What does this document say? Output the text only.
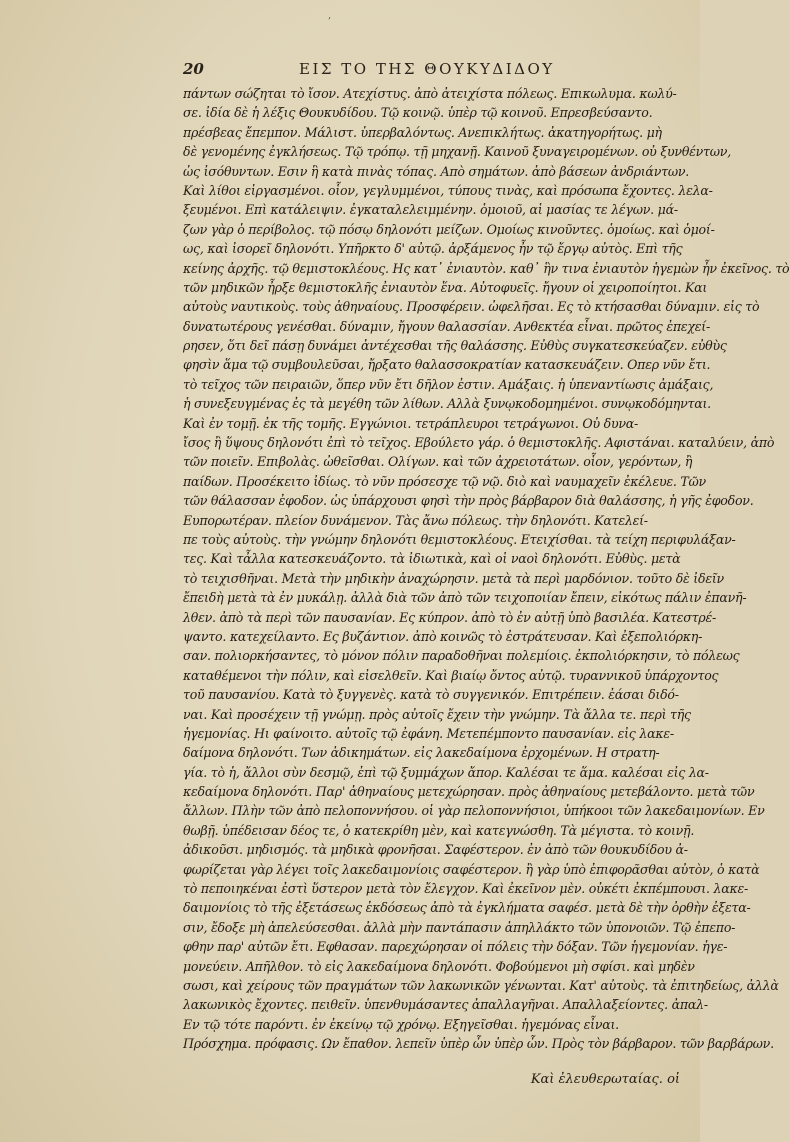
,
20	ΕΙΣ ΤΟ ΤΗΣ ΘΟΥΚΥΔΙΔΟΥ
πάντων σώζηται τὸ ἴσον. Ατεχίστυς. ἀπὸ ἀτειχίστα πόλεως. Επικωλυμα. κωλύ-
σε. ἰδία δὲ ἡ λέξις Θουκυδίδου. Τῷ κοινῷ. ὑπὲρ τῷ κοινοῦ. Επρεσβεύσαντο.
πρέσβεας ἔπεμπον. Μάλιστ. ὑπερβαλόντως. Ανεπικλήτως. ἀκατηγορήτως. μὴ
δὲ γενομένης ἐγκλήσεως. Τῷ τρόπῳ. τῇ μηχανῇ. Καινοῦ ξυναγειρομένων. οὐ ξυνθέντων,
ὡς ἰσόθυντων. Εσιν ἣ κατὰ πινὰς τόπας. Απὸ σημάτων. ἀπὸ βάσεων ἀνδριάντων.
Καὶ λίθοι εἰργασμένοι. οἷον, γεγλυμμένοι, τύπους τινὰς, καὶ πρόσωπα ἔχοντες. λελα-
ξευμένοι. Επὶ κατάλειψιν. ἐγκαταλελειμμένην. ὁμοιοῦ, αἱ μασίας τε λέγων. μά-
ζων γὰρ ὁ περίβολος. τῷ πόσῳ δηλονότι μείζων. Ομοίως κινοῦντες. ὁμοίως. καὶ ὁμοί-
ως, καὶ ἰσορεῖ δηλονότι. Υπῆρκτο δ' αὐτῷ. ἀρξάμενος ἦν τῷ ἔργῳ αὐτὸς. Επὶ τῆς
κείνης ἀρχῆς. τῷ θεμιστοκλέους. Ης κατ᾽ ἐνιαυτὸν. καθ᾽ ἣν τινα ἐνιαυτὸν ἡγεμὼν ἦν ἐκεῖνος. τὸ
τῶν μηδικῶν ἦρξε θεμιστοκλῆς ἐνιαυτὸν ἕνα. Αὐτοφυεῖς. ἤγουν οἱ χειροποίητοι. Και
αὐτοὺς ναυτικοὺς. τοὺς ἀθηναίους. Προσφέρειν. ὠφελῆσαι. Ες τὸ κτήσασθαι δύναμιν. εἰς τὸ
δυνατωτέρους γενέσθαι. δύναμιν, ἤγουν θαλασσίαν. Ανθεκτέα εἶναι. πρῶτος ἐπεχεί-
ρησεν, ὅτι δεῖ πάσῃ δυνάμει ἀντέχεσθαι τῆς θαλάσσης. Εὐθὺς συγκατεσκεύαζεν. εὐθὺς
φησὶν ἅμα τῷ συμβουλεῦσαι, ἤρξατο θαλασσοκρατίαν κατασκευάζειν. Οπερ νῦν ἔτι.
τὸ τεῖχος τῶν πειραιῶν, ὅπερ νῦν ἔτι δῆλον ἐστιν. Αμάξαις. ἡ ὑπεναντίωσις ἀμάξαις,
ἡ συνεξευγμένας ἐς τὰ μεγέθη τῶν λίθων. Αλλὰ ξυνῳκοδομημένοι. συνῳκοδόμηνται.
Καὶ ἐν τομῇ. ἐκ τῆς τομῆς. Εγγώνιοι. τετράπλευροι τετράγωνοι. Οὐ δυνα-
ἴσος ἢ ὕψους δηλονότι ἐπὶ τὸ τεῖχος. Εβούλετο γάρ. ὁ θεμιστοκλῆς. Αφιστάναι. καταλύειν, ἀπὸ
τῶν ποιεῖν. Επιβολὰς. ὠθεῖσθαι. Ολίγων. καὶ τῶν ἀχρειοτάτων. οἷον, γερόντων, ἢ
παίδων. Προσέκειτο ἰδίως. τὸ νῦν πρόσεσχε τῷ νῷ. διὸ καὶ ναυμαχεῖν ἐκέλευε. Τῶν
τῶν θάλασσαν ἐφοδον. ὡς ὑπάρχουσι φησὶ τὴν πρὸς βάρβαρον διὰ θαλάσσης, ἡ γῆς ἐφοδον.
Ευπορωτέραν. πλείον δυνάμενον. Τὰς ἄνω πόλεως. τὴν δηλονότι. Κατελεί-
πε τοὺς αὐτοὺς. τὴν γνώμην δηλονότι θεμιστοκλέους. Ετειχίσθαι. τὰ τείχη περιφυλάξαν-
τες. Καὶ τἆλλα κατεσκευάζοντο. τὰ ἰδιωτικὰ, καὶ οἱ ναοὶ δηλονότι. Εὐθὺς. μετὰ
τὸ τειχισθῆναι. Μετὰ τὴν μηδικὴν ἀναχώρησιν. μετὰ τὰ περὶ μαρδόνιον. τοῦτο δὲ ἰδεῖν
ἔπειδὴ μετὰ τὰ ἐν μυκάλῃ. ἀλλὰ διὰ τῶν ἀπὸ τῶν τειχοποιίαν ἔπειν, εἰκότως πάλιν ἐπανῆ-
λθεν. ἀπὸ τὰ περὶ τῶν παυσανίαν. Ες κύπρον. ἀπὸ τὸ ἐν αὐτῇ ὑπὸ βασιλέα. Κατεστρέ-
ψαντο. κατεχείλαντο. Ες βυζάντιον. ἀπὸ κοινῶς τὸ ἐστράτευσαν. Καὶ ἐξεπολιόρκη-
σαν. πολιορκήσαντες, τὸ μόνον πόλιν παραδοθῆναι πολεμίοις. ἐκπολιόρκησιν, τὸ πόλεως
καταθέμενοι τὴν πόλιν, καὶ εἰσελθεῖν. Καὶ βιαίῳ ὄντος αὐτῷ. τυραννικοῦ ὑπάρχοντος
τοῦ παυσανίου. Κατὰ τὸ ξυγγενὲς. κατὰ τὸ συγγενικόν. Επιτρέπειν. ἐάσαι διδό-
ναι. Καὶ προσέχειν τῇ γνώμῃ. πρὸς αὐτοῖς ἔχειν τὴν γνώμην. Τὰ ἄλλα τε. περὶ τῆς
ἡγεμονίας. Ηι φαίνοιτο. αὐτοῖς τῷ ἐφάνη. Μετεπέμποντο παυσανίαν. εἰς λακε-
δαίμονα δηλονότι. Των ἀδικημάτων. εἰς λακεδαίμονα ἐρχομένων. Η στρατη-
γία. τὸ ἡ, ἄλλοι σὺν δεσμῷ, ἐπὶ τῷ ξυμμάχων ἄπορ. Καλέσαι τε ἅμα. καλέσαι εἰς λα-
κεδαίμονα δηλονότι. Παρ' ἀθηναίους μετεχώρησαν. πρὸς ἀθηναίους μετεβάλοντο. μετὰ τῶν
ἄλλων. Πλὴν τῶν ἀπὸ πελοποννήσου. οἱ γὰρ πελοποννήσιοι, ὑπήκοοι τῶν λακεδαιμονίων. Εν
θωβῇ. ὑπέδεισαν δέος τε, ὁ κατεκρίθη μὲν, καὶ κατεγνώσθη. Τὰ μέγιστα. τὸ κοινῇ.
ἀδικοῦσι. μηδισμός. τὰ μηδικὰ φρονῆσαι. Σαφέστερον. ἐν ἀπὸ τῶν θουκυδίδου ἀ-
φωρίζεται γὰρ λέγει τοῖς λακεδαιμονίοις σαφέστερον. ἢ γὰρ ὑπὸ ἐπιφορᾶσθαι αὐτὸν, ὁ κατὰ
τὸ πεποιηκέναι ἐστὶ ὕστερον μετὰ τὸν ἔλεγχον. Καὶ ἐκεῖνον μὲν. οὐκέτι ἐκπέμπουσι. λακε-
δαιμονίοις τὸ τῆς ἐξετάσεως ἐκδόσεως ἀπὸ τὰ ἐγκλήματα σαφέσ. μετὰ δὲ τὴν ὀρθὴν ἐξετα-
σιν, ἔδοξε μὴ ἀπελεύσεσθαι. ἀλλὰ μὴν παντάπασιν ἀπηλλάκτο τῶν ὑπονοιῶν. Τῷ ἐπεπο-
φθην παρ' αὐτῶν ἔτι. Εφθασαν. παρεχώρησαν οἱ πόλεις τὴν δόξαν. Τῶν ἡγεμονίαν. ἡγε-
μονεύειν. Απῆλθον. τὸ εἰς λακεδαίμονα δηλονότι. Φοβούμενοι μὴ σφίσι. καὶ μηδὲν
σωσι, καὶ χείρους τῶν πραγμάτων τῶν λακωνικῶν γένωνται. Κατ' αὐτοὺς. τὰ ἐπιτηδείως, ἀλλὰ
λακωνικὸς ἔχοντες. πειθεῖν. ὑπενθυμάσαντες ἀπαλλαγῆναι. Απαλλαξείοντες. ἀπαλ-
Εν τῷ τότε παρόντι. ἐν ἐκείνῳ τῷ χρόνῳ. Εξηγεῖσθαι. ἡγεμόνας εἶναι.
Πρόσχημα. πρόφασις. Ων ἔπαθον. λεπεῖν ὑπὲρ ὧν ὑπὲρ ὧν. Πρὸς τὸν βάρβαρον. τῶν βαρβάρων.
Καὶ ἐλευθερωταίας. οἱ
